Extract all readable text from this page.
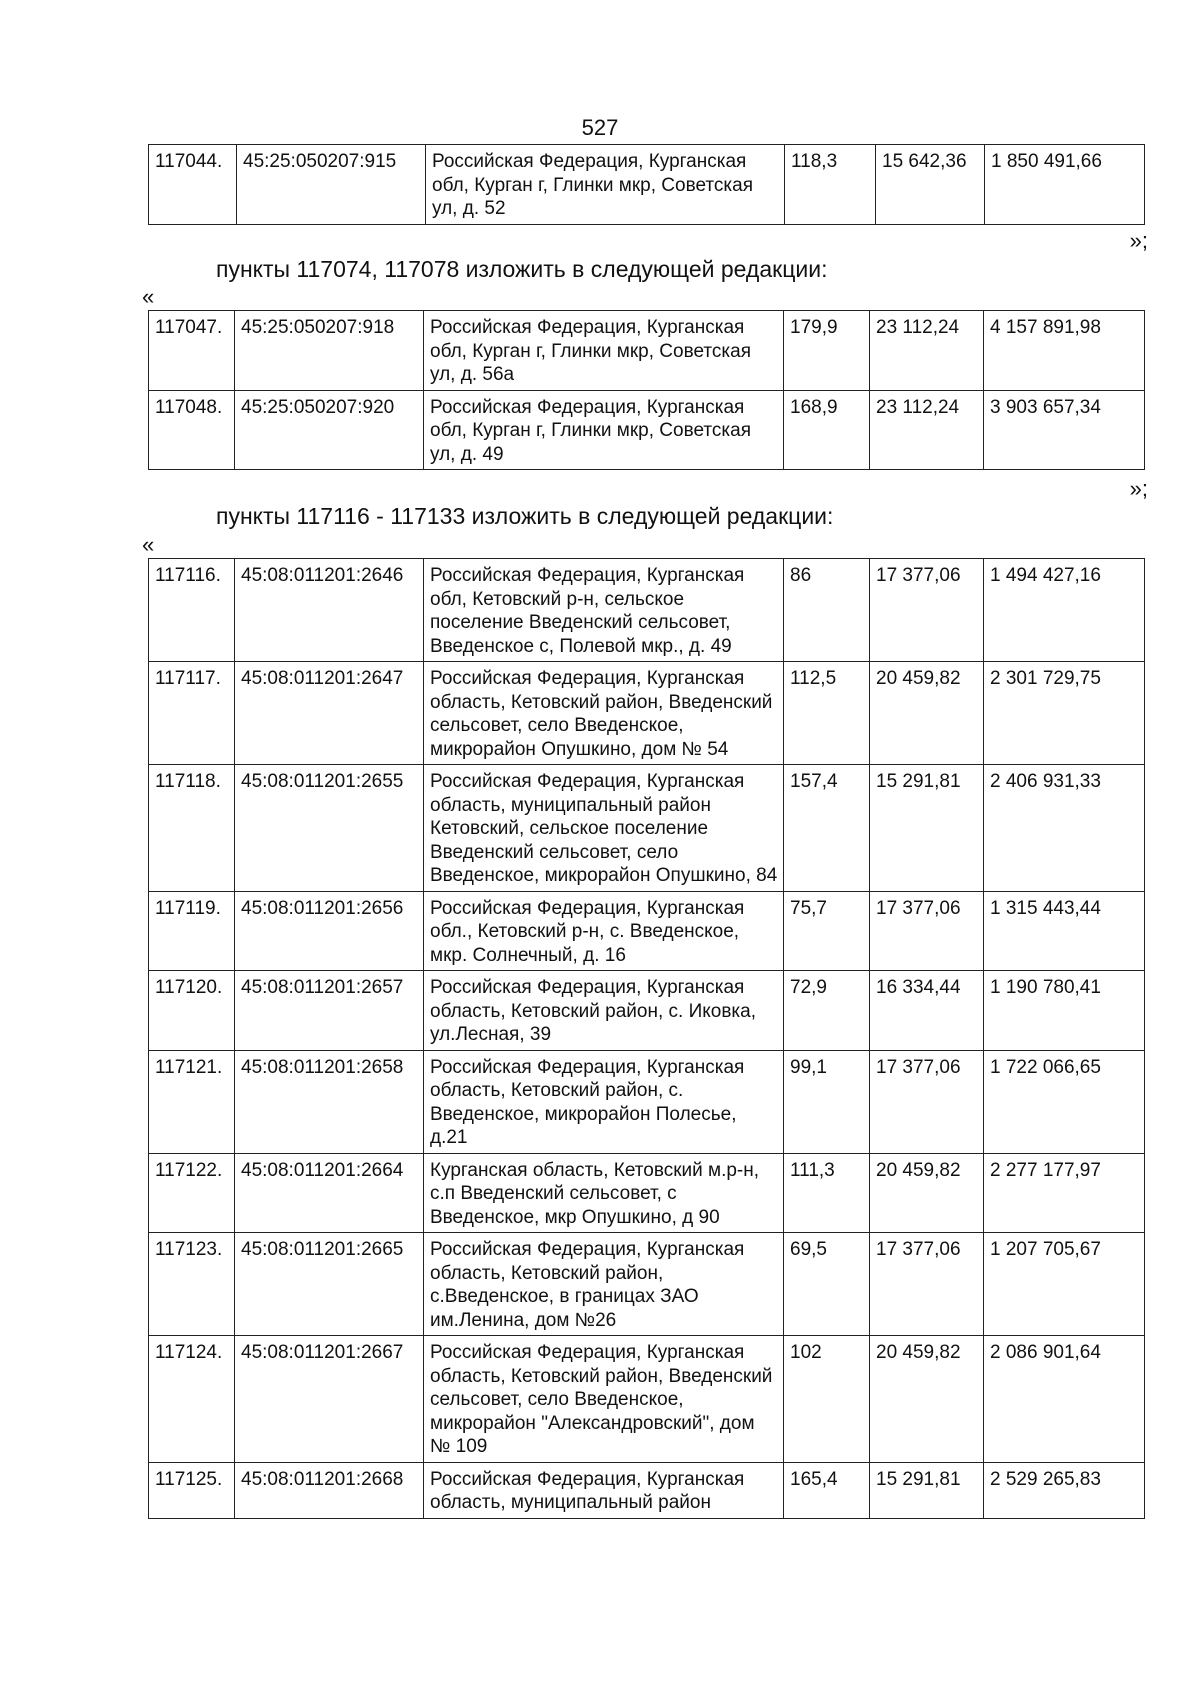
527
117044.	45:25:050207:915	Российская Федерация, Курганская обл, Курган г, Глинки мкр, Советская ул, д. 52	118,3	15 642,36	1 850 491,66
»;
пункты 117074, 117078 изложить в следующей редакции:
«
117047.	45:25:050207:918	Российская Федерация, Курганская обл, Курган г, Глинки мкр, Советская ул, д. 56а	179,9	23 112,24	4 157 891,98
117048.	45:25:050207:920	Российская Федерация, Курганская обл, Курган г, Глинки мкр, Советская ул, д. 49	168,9	23 112,24	3 903 657,34
»;
пункты 117116 - 117133 изложить в следующей редакции:
«
117116.	45:08:011201:2646	Российская Федерация, Курганская обл, Кетовский р-н, сельское поселение Введенский сельсовет, Введенское с, Полевой мкр., д. 49	86	17 377,06	1 494 427,16
117117.	45:08:011201:2647	Российская Федерация, Курганская область, Кетовский район, Введенский сельсовет, село Введенское, микрорайон Опушкино, дом № 54	112,5	20 459,82	2 301 729,75
117118.	45:08:011201:2655	Российская Федерация, Курганская область, муниципальный район Кетовский, сельское поселение Введенский сельсовет, село Введенское, микрорайон Опушкино, 84	157,4	15 291,81	2 406 931,33
117119.	45:08:011201:2656	Российская Федерация, Курганская обл., Кетовский р-н, с. Введенское, мкр. Солнечный, д. 16	75,7	17 377,06	1 315 443,44
117120.	45:08:011201:2657	Российская Федерация, Курганская область, Кетовский район, с. Иковка, ул.Лесная, 39	72,9	16 334,44	1 190 780,41
117121.	45:08:011201:2658	Российская Федерация, Курганская область, Кетовский район, с. Введенское, микрорайон Полесье, д.21	99,1	17 377,06	1 722 066,65
117122.	45:08:011201:2664	Курганская область, Кетовский м.р-н, с.п Введенский сельсовет, с Введенское, мкр Опушкино, д 90	111,3	20 459,82	2 277 177,97
117123.	45:08:011201:2665	Российская Федерация, Курганская область, Кетовский район, с.Введенское, в границах ЗАО им.Ленина, дом №26	69,5	17 377,06	1 207 705,67
117124.	45:08:011201:2667	Российская Федерация, Курганская область, Кетовский район, Введенский сельсовет, село Введенское, микрорайон "Александровский", дом № 109	102	20 459,82	2 086 901,64
117125.	45:08:011201:2668	Российская Федерация, Курганская область, муниципальный район	165,4	15 291,81	2 529 265,83
